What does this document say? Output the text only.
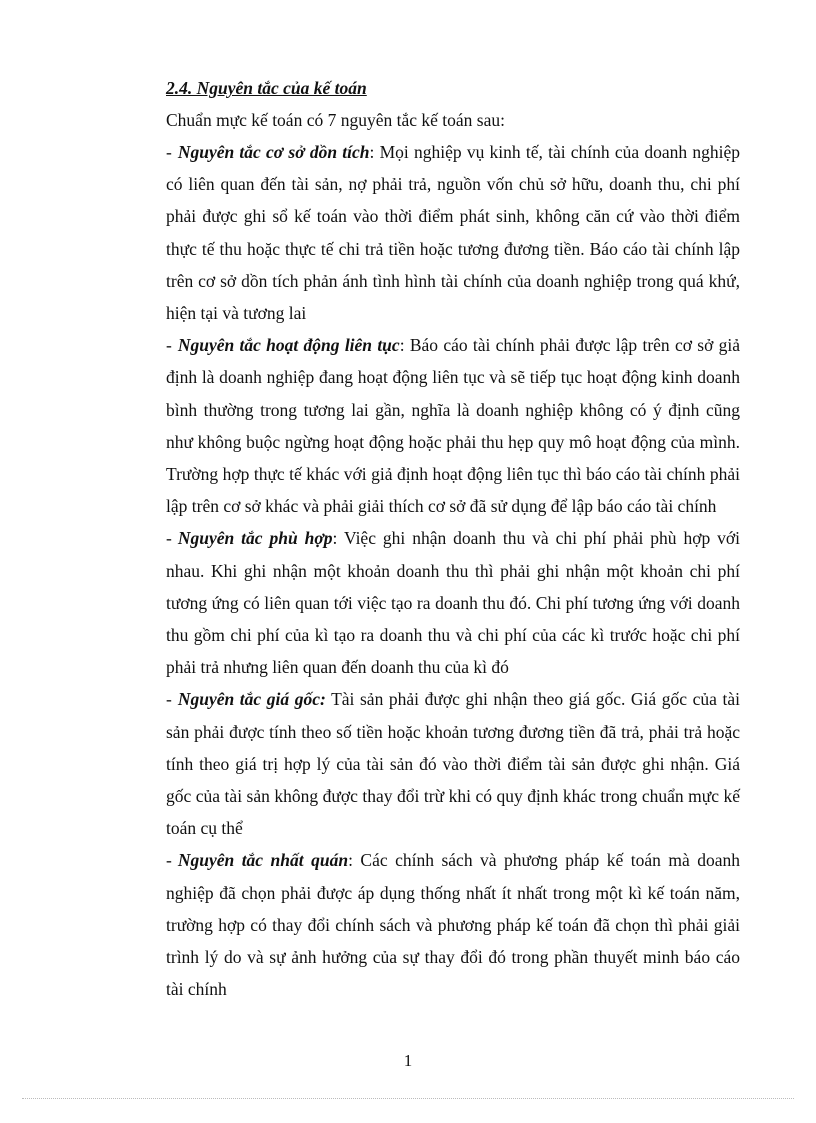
2.4. Nguyên tắc của kế toán

Chuẩn mực kế toán có 7 nguyên tắc kế toán sau:

- Nguyên tắc cơ sở dồn tích: Mọi nghiệp vụ kinh tế, tài chính của doanh nghiệp có liên quan đến tài sản, nợ phải trả, nguồn vốn chủ sở hữu, doanh thu, chi phí phải được ghi sổ kế toán vào thời điểm phát sinh, không căn cứ vào thời điểm thực tế thu hoặc thực tế chi trả tiền hoặc tương đương tiền. Báo cáo tài chính lập trên cơ sở dồn tích phản ánh tình hình tài chính của doanh nghiệp trong quá khứ, hiện tại và tương lai

- Nguyên tắc hoạt động liên tục: Báo cáo tài chính phải được lập trên cơ sở giả định là doanh nghiệp đang hoạt động liên tục và sẽ tiếp tục hoạt động kinh doanh bình thường trong tương lai gần, nghĩa là doanh nghiệp không có ý định cũng như không buộc ngừng hoạt động hoặc phải thu hẹp quy mô hoạt động của mình. Trường hợp thực tế khác với giả định hoạt động liên tục thì báo cáo tài chính phải lập trên cơ sở khác và phải giải thích cơ sở đã sử dụng để lập báo cáo tài chính

- Nguyên tắc phù hợp: Việc ghi nhận doanh thu và chi phí phải phù hợp với nhau. Khi ghi nhận một khoản doanh thu thì phải ghi nhận một khoản chi phí tương ứng có liên quan tới việc tạo ra doanh thu đó. Chi phí tương ứng với doanh thu gồm chi phí của kì tạo ra doanh thu và chi phí của các kì trước hoặc chi phí phải trả nhưng liên quan đến doanh thu của kì đó

- Nguyên tắc giá gốc: Tài sản phải được ghi nhận theo giá gốc. Giá gốc của tài sản phải được tính theo số tiền hoặc khoản tương đương tiền đã trả, phải trả hoặc tính theo giá trị hợp lý của tài sản đó vào thời điểm tài sản được ghi nhận. Giá gốc của tài sản không được thay đổi trừ khi có quy định khác trong chuẩn mực kế toán cụ thể

- Nguyên tắc nhất quán: Các chính sách và phương pháp kế toán mà doanh nghiệp đã chọn phải được áp dụng thống nhất ít nhất trong một kì kế toán năm, trường hợp có thay đổi chính sách và phương pháp kế toán đã chọn thì phải giải trình lý do và sự ảnh hưởng của sự thay đổi đó trong phần thuyết minh báo cáo tài chính

1
